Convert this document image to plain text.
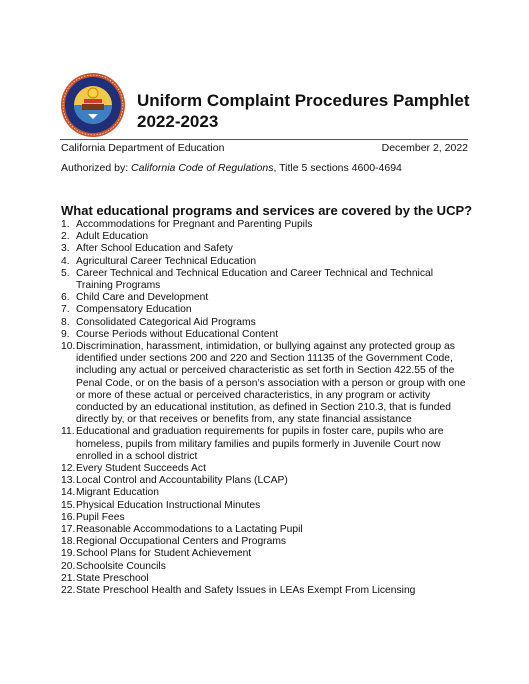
Uniform Complaint Procedures Pamphlet
2022-2023
California Department of Education	December 2, 2022
Authorized by: California Code of Regulations, Title 5 sections 4600-4694
What educational programs and services are covered by the UCP?
1. Accommodations for Pregnant and Parenting Pupils
2. Adult Education
3. After School Education and Safety
4. Agricultural Career Technical Education
5. Career Technical and Technical Education and Career Technical and Technical Training Programs
6. Child Care and Development
7. Compensatory Education
8. Consolidated Categorical Aid Programs
9. Course Periods without Educational Content
10. Discrimination, harassment, intimidation, or bullying against any protected group as identified under sections 200 and 220 and Section 11135 of the Government Code, including any actual or perceived characteristic as set forth in Section 422.55 of the Penal Code, or on the basis of a person’s association with a person or group with one or more of these actual or perceived characteristics, in any program or activity conducted by an educational institution, as defined in Section 210.3, that is funded directly by, or that receives or benefits from, any state financial assistance
11. Educational and graduation requirements for pupils in foster care, pupils who are homeless, pupils from military families and pupils formerly in Juvenile Court now enrolled in a school district
12. Every Student Succeeds Act
13. Local Control and Accountability Plans (LCAP)
14. Migrant Education
15. Physical Education Instructional Minutes
16. Pupil Fees
17. Reasonable Accommodations to a Lactating Pupil
18. Regional Occupational Centers and Programs
19. School Plans for Student Achievement
20. Schoolsite Councils
21. State Preschool
22. State Preschool Health and Safety Issues in LEAs Exempt From Licensing
